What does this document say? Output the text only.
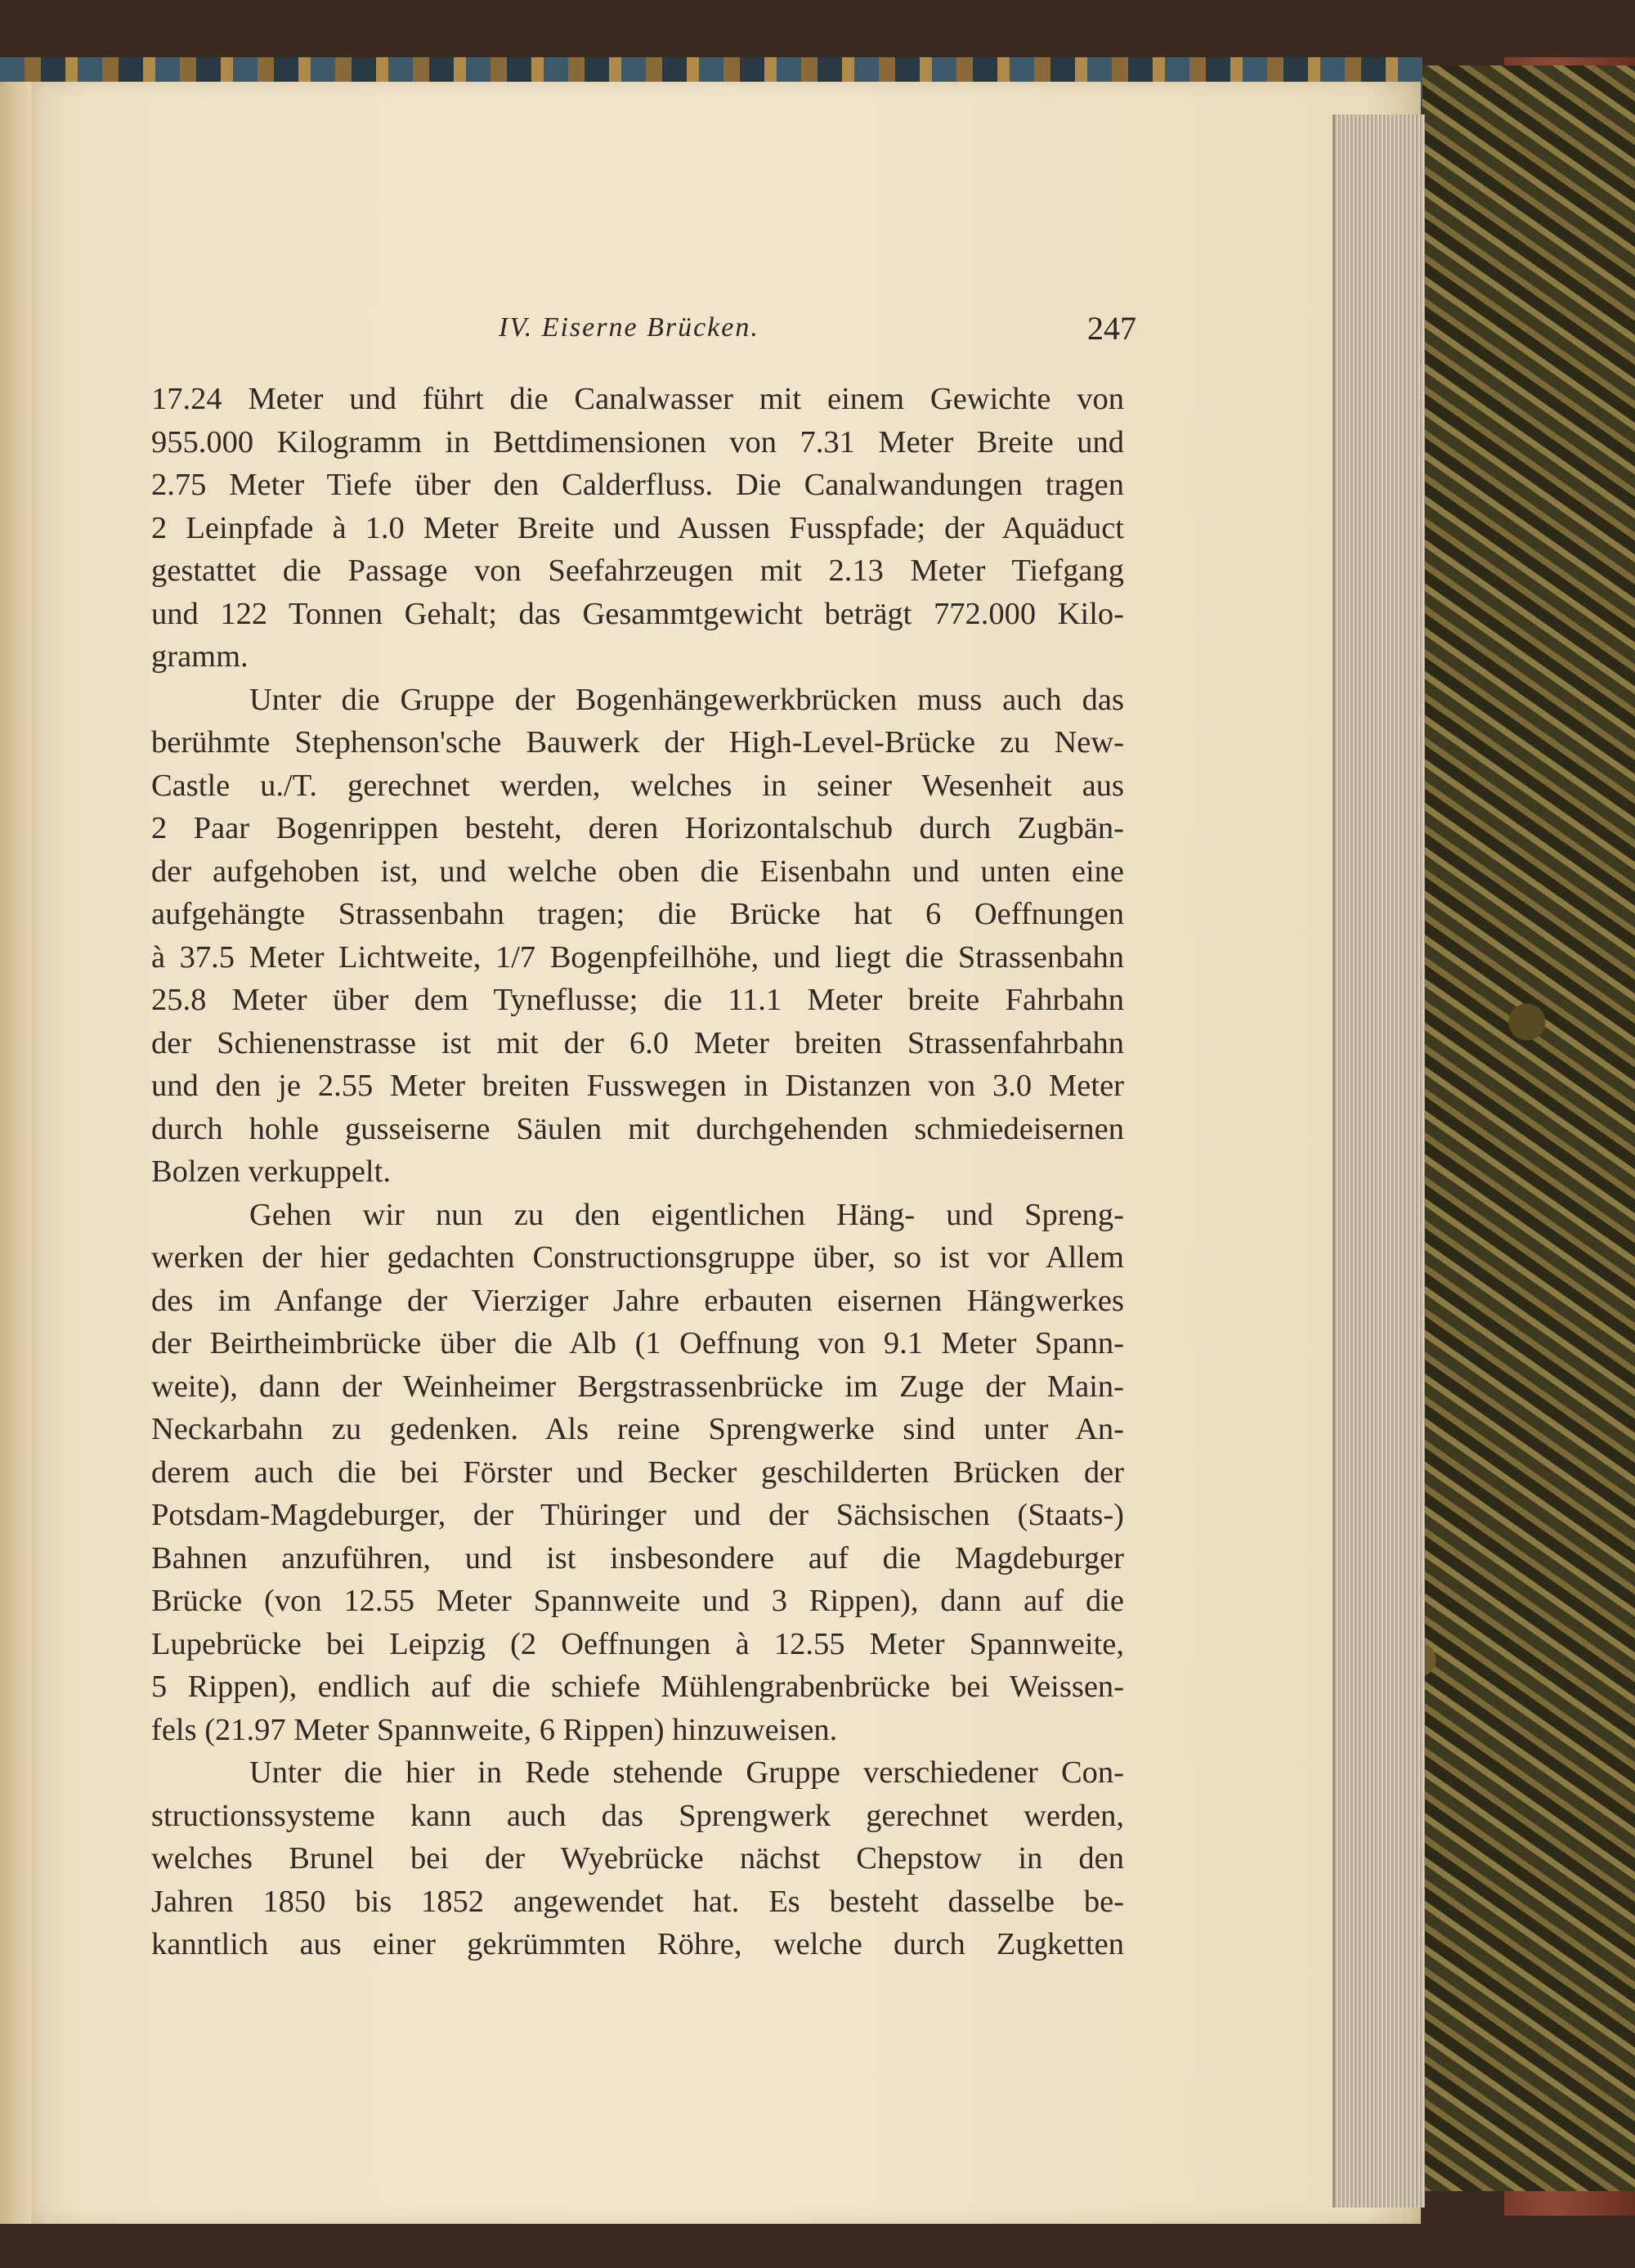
IV. Eiserne Brücken.	247
17.24 Meter und führt die Canalwasser mit einem Gewichte von
955.000 Kilogramm in Bettdimensionen von 7.31 Meter Breite und
2.75 Meter Tiefe über den Calderfluss. Die Canalwandungen tragen
2 Leinpfade à 1.0 Meter Breite und Aussen Fusspfade; der Aquäduct
gestattet die Passage von Seefahrzeugen mit 2.13 Meter Tiefgang
und 122 Tonnen Gehalt; das Gesammtgewicht beträgt 772.000 Kilo-
gramm.
Unter die Gruppe der Bogenhängewerkbrücken muss auch das
berühmte Stephenson'sche Bauwerk der High-Level-Brücke zu New-
Castle u./T. gerechnet werden, welches in seiner Wesenheit aus
2 Paar Bogenrippen besteht, deren Horizontalschub durch Zugbän-
der aufgehoben ist, und welche oben die Eisenbahn und unten eine
aufgehängte Strassenbahn tragen; die Brücke hat 6 Oeffnungen
à 37.5 Meter Lichtweite, 1/7 Bogenpfeilhöhe, und liegt die Strassenbahn
25.8 Meter über dem Tyneflusse; die 11.1 Meter breite Fahrbahn
der Schienenstrasse ist mit der 6.0 Meter breiten Strassenfahrbahn
und den je 2.55 Meter breiten Fusswegen in Distanzen von 3.0 Meter
durch hohle gusseiserne Säulen mit durchgehenden schmiedeisernen
Bolzen verkuppelt.
Gehen wir nun zu den eigentlichen Häng- und Spreng-
werken der hier gedachten Constructionsgruppe über, so ist vor Allem
des im Anfange der Vierziger Jahre erbauten eisernen Hängwerkes
der Beirtheimbrücke über die Alb (1 Oeffnung von 9.1 Meter Spann-
weite), dann der Weinheimer Bergstrassenbrücke im Zuge der Main-
Neckarbahn zu gedenken. Als reine Sprengwerke sind unter An-
derem auch die bei Förster und Becker geschilderten Brücken der
Potsdam-Magdeburger, der Thüringer und der Sächsischen (Staats-)
Bahnen anzuführen, und ist insbesondere auf die Magdeburger
Brücke (von 12.55 Meter Spannweite und 3 Rippen), dann auf die
Lupebrücke bei Leipzig (2 Oeffnungen à 12.55 Meter Spannweite,
5 Rippen), endlich auf die schiefe Mühlengrabenbrücke bei Weissen-
fels (21.97 Meter Spannweite, 6 Rippen) hinzuweisen.
Unter die hier in Rede stehende Gruppe verschiedener Con-
structionssysteme kann auch das Sprengwerk gerechnet werden,
welches Brunel bei der Wyebrücke nächst Chepstow in den
Jahren 1850 bis 1852 angewendet hat. Es besteht dasselbe be-
kanntlich aus einer gekrümmten Röhre, welche durch Zugketten
